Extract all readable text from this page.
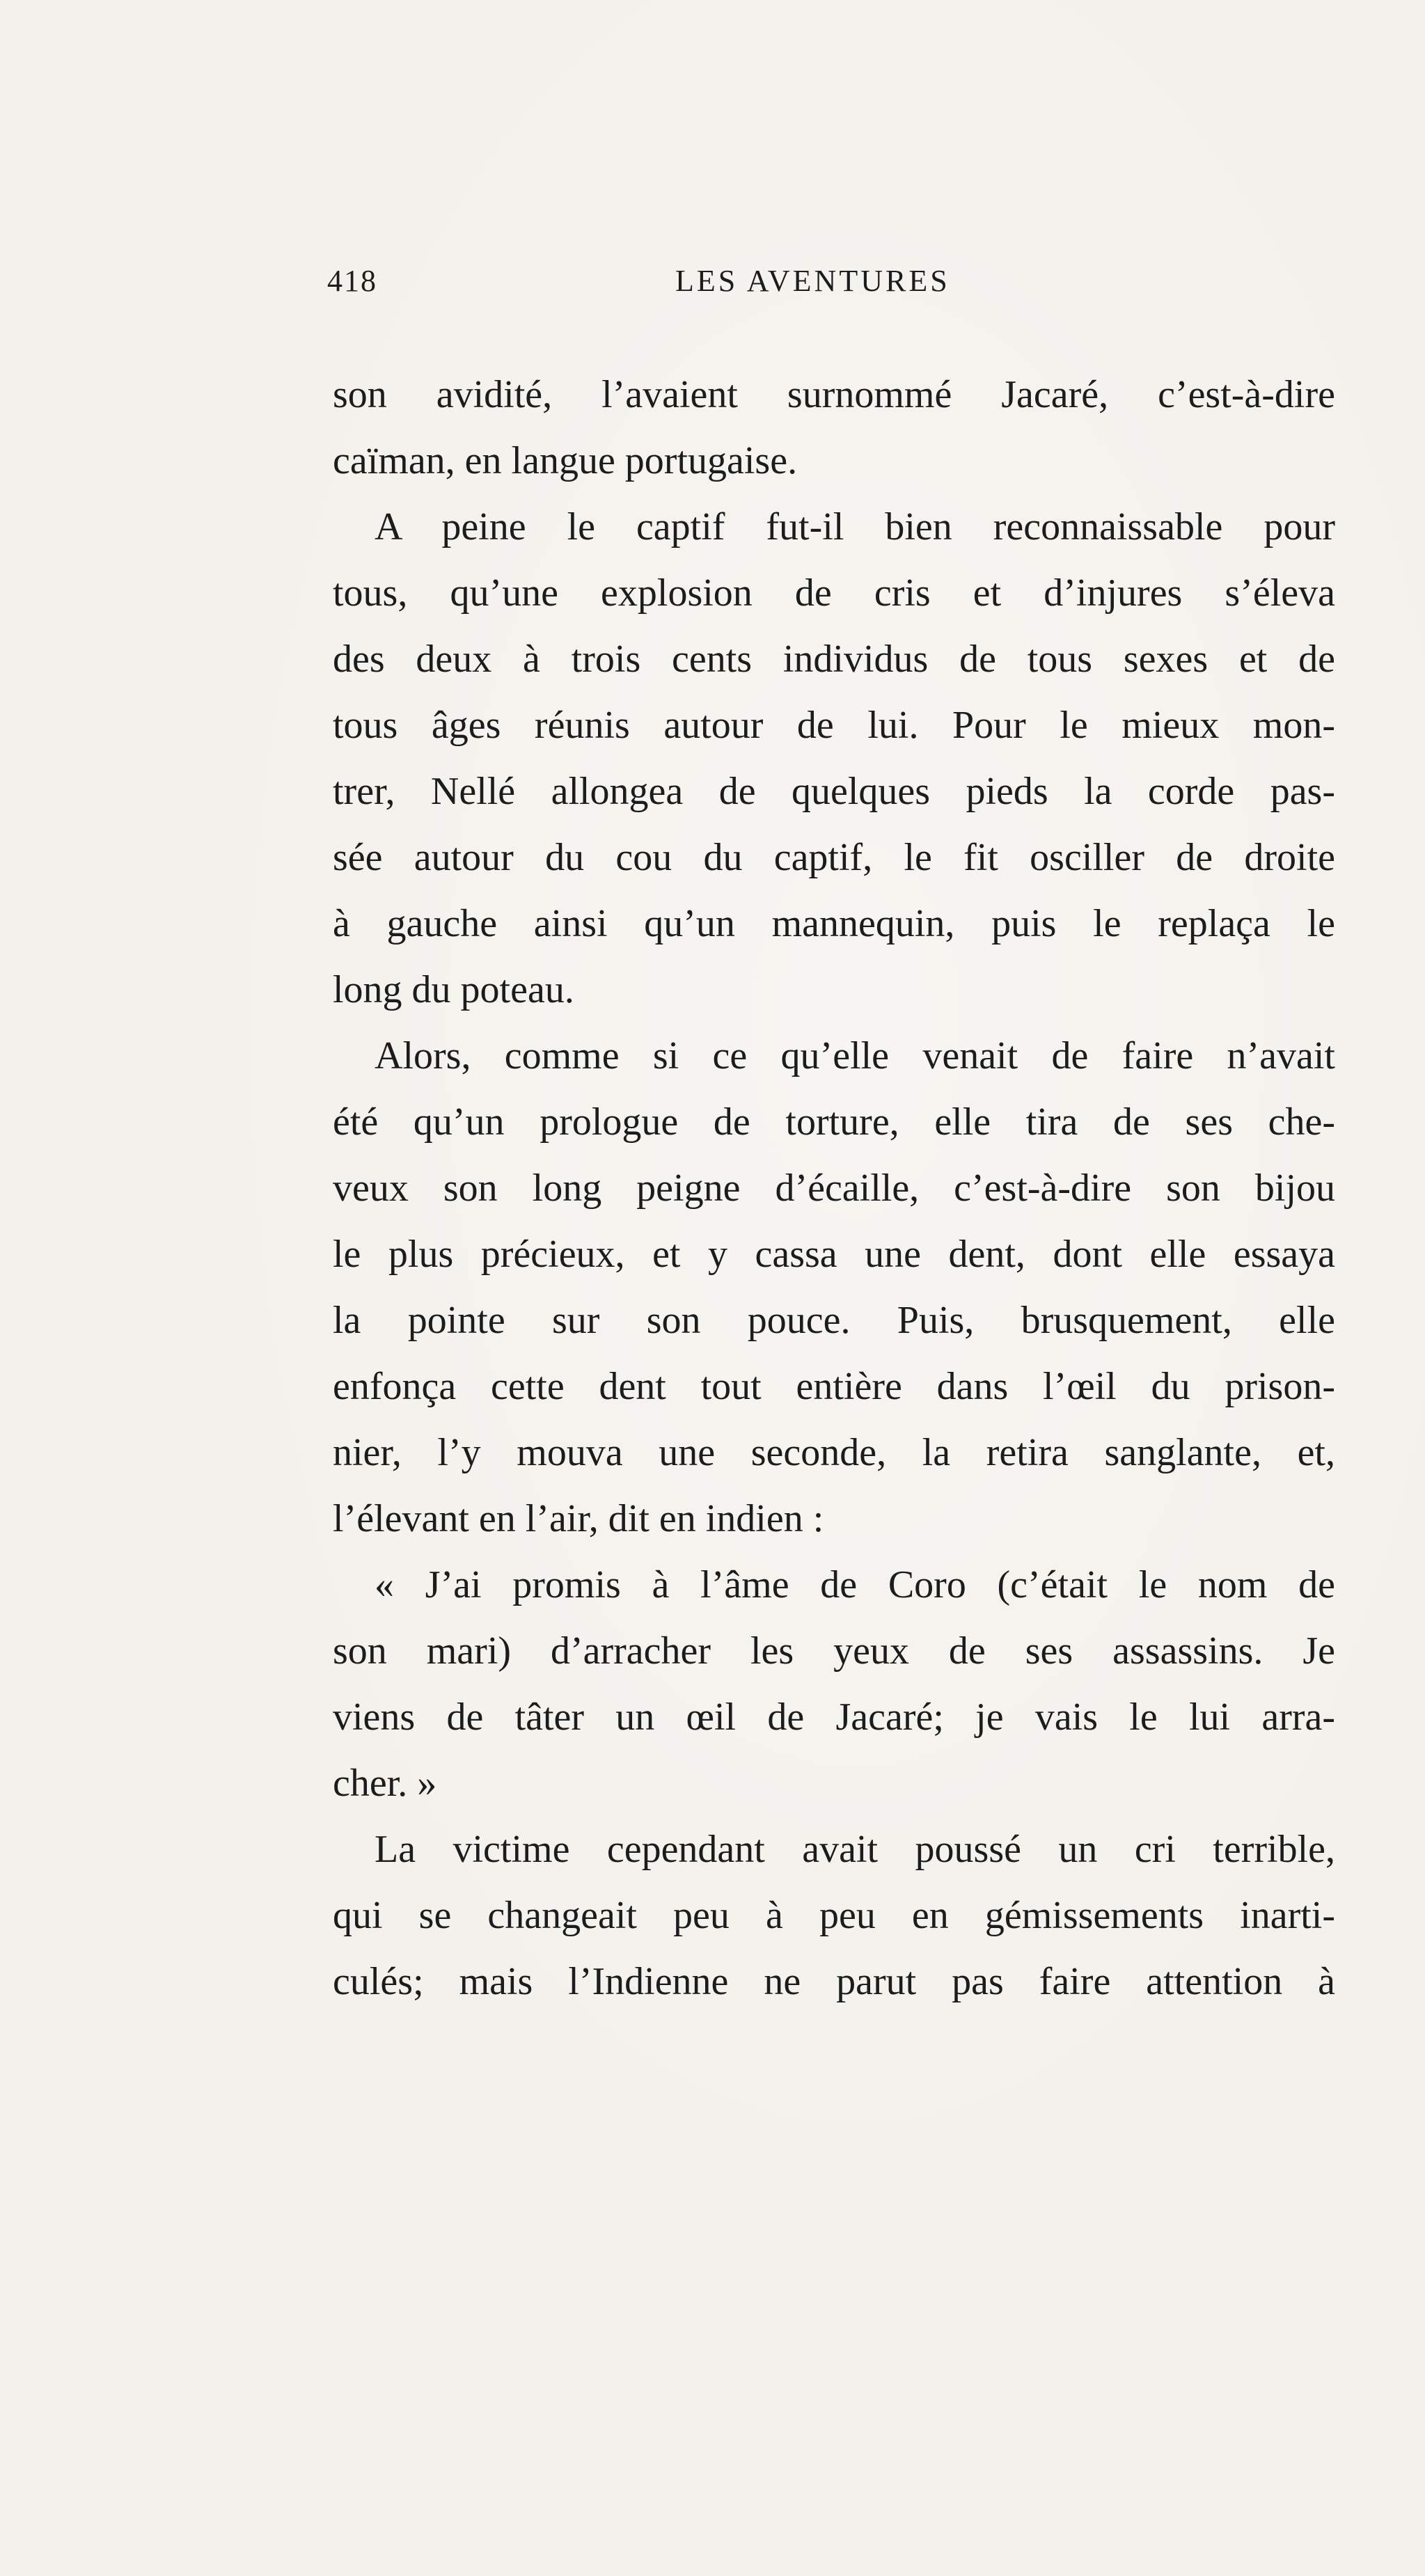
418	LES AVENTURES
son avidité, l’avaient surnommé Jacaré, c’est-à-dire
caïman, en langue portugaise.
A peine le captif fut-il bien reconnaissable pour
tous, qu’une explosion de cris et d’injures s’éleva
des deux à trois cents individus de tous sexes et de
tous âges réunis autour de lui. Pour le mieux mon-
trer, Nellé allongea de quelques pieds la corde pas-
sée autour du cou du captif, le fit osciller de droite
à gauche ainsi qu’un mannequin, puis le replaça le
long du poteau.
Alors, comme si ce qu’elle venait de faire n’avait
été qu’un prologue de torture, elle tira de ses che-
veux son long peigne d’écaille, c’est-à-dire son bijou
le plus précieux, et y cassa une dent, dont elle essaya
la pointe sur son pouce. Puis, brusquement, elle
enfonça cette dent tout entière dans l’œil du prison-
nier, l’y mouva une seconde, la retira sanglante, et,
l’élevant en l’air, dit en indien :
« J’ai promis à l’âme de Coro (c’était le nom de
son mari) d’arracher les yeux de ses assassins. Je
viens de tâter un œil de Jacaré; je vais le lui arra-
cher. »
La victime cependant avait poussé un cri terrible,
qui se changeait peu à peu en gémissements inarti-
culés; mais l’Indienne ne parut pas faire attention à
